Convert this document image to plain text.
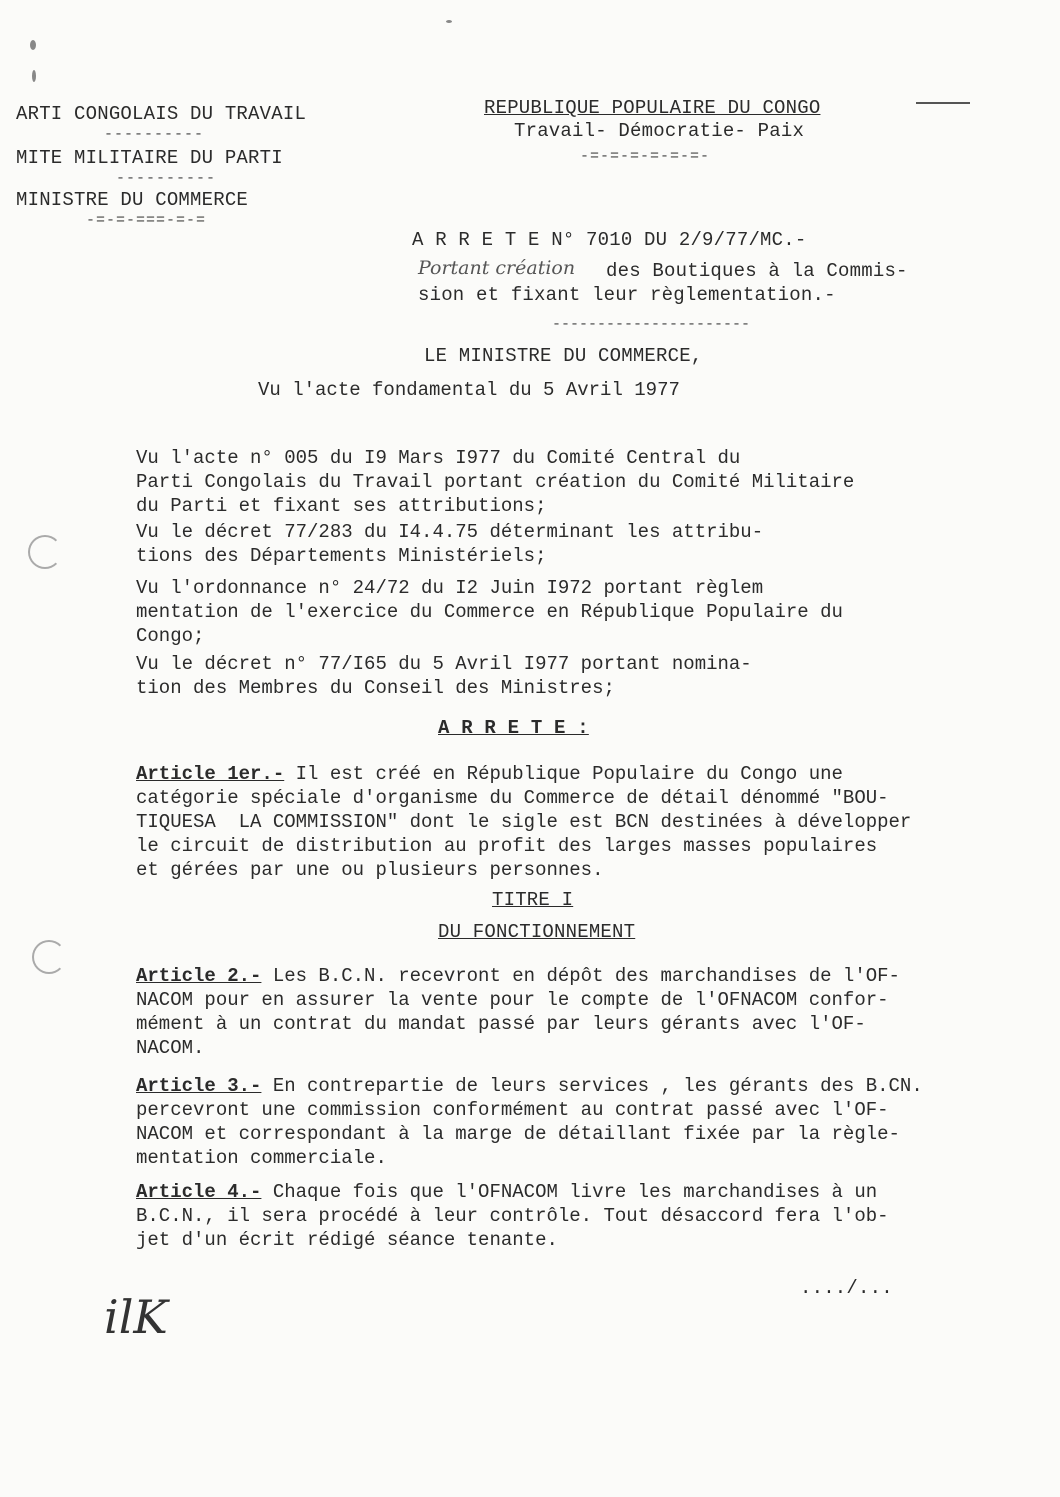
ARTI CONGOLAIS DU TRAVAIL
----------
MITE MILITAIRE DU PARTI
----------
MINISTRE DU COMMERCE
-=-=-===-=-=
REPUBLIQUE POPULAIRE DU CONGO
Travail- Démocratie- Paix
-=-=-=-=-=-=-
A R R E T E N° 7010 DU 2/9/77/MC.-
Portant création des Boutiques à la Commis-
sion et fixant leur règlementation.-
----------------------
LE MINISTRE DU COMMERCE,
Vu l'acte fondamental du 5 Avril 1977
Vu l'acte n° 005 du I9 Mars I977 du Comité Central du
Parti Congolais du Travail portant création du Comité Militaire
du Parti et fixant ses attributions;
Vu le décret 77/283 du I4.4.75 déterminant les attribu-
tions des Départements Ministériels;
Vu l'ordonnance n° 24/72 du I2 Juin I972 portant règlem
mentation de l'exercice du Commerce en République Populaire du
Congo;
Vu le décret n° 77/I65 du 5 Avril I977 portant nomina-
tion des Membres du Conseil des Ministres;
A R R E T E :
Article 1er.- Il est créé en République Populaire du Congo une
catégorie spéciale d'organisme du Commerce de détail dénommé "BOU-
TIQUESA  LA COMMISSION" dont le sigle est BCN destinées à développer
le circuit de distribution au profit des larges masses populaires
et gérées par une ou plusieurs personnes.
TITRE I
DU FONCTIONNEMENT
Article 2.- Les B.C.N. recevront en dépôt des marchandises de l'OF-
NACOM pour en assurer la vente pour le compte de l'OFNACOM confor-
mément à un contrat du mandat passé par leurs gérants avec l'OF-
NACOM.
Article 3.- En contrepartie de leurs services , les gérants des B.CN.
percevront une commission conformément au contrat passé avec l'OF-
NACOM et correspondant à la marge de détaillant fixée par la règle-
mentation commerciale.
Article 4.- Chaque fois que l'OFNACOM livre les marchandises à un
B.C.N., il sera procédé à leur contrôle. Tout désaccord fera l'ob-
jet d'un écrit rédigé séance tenante.
..../...
ilK
